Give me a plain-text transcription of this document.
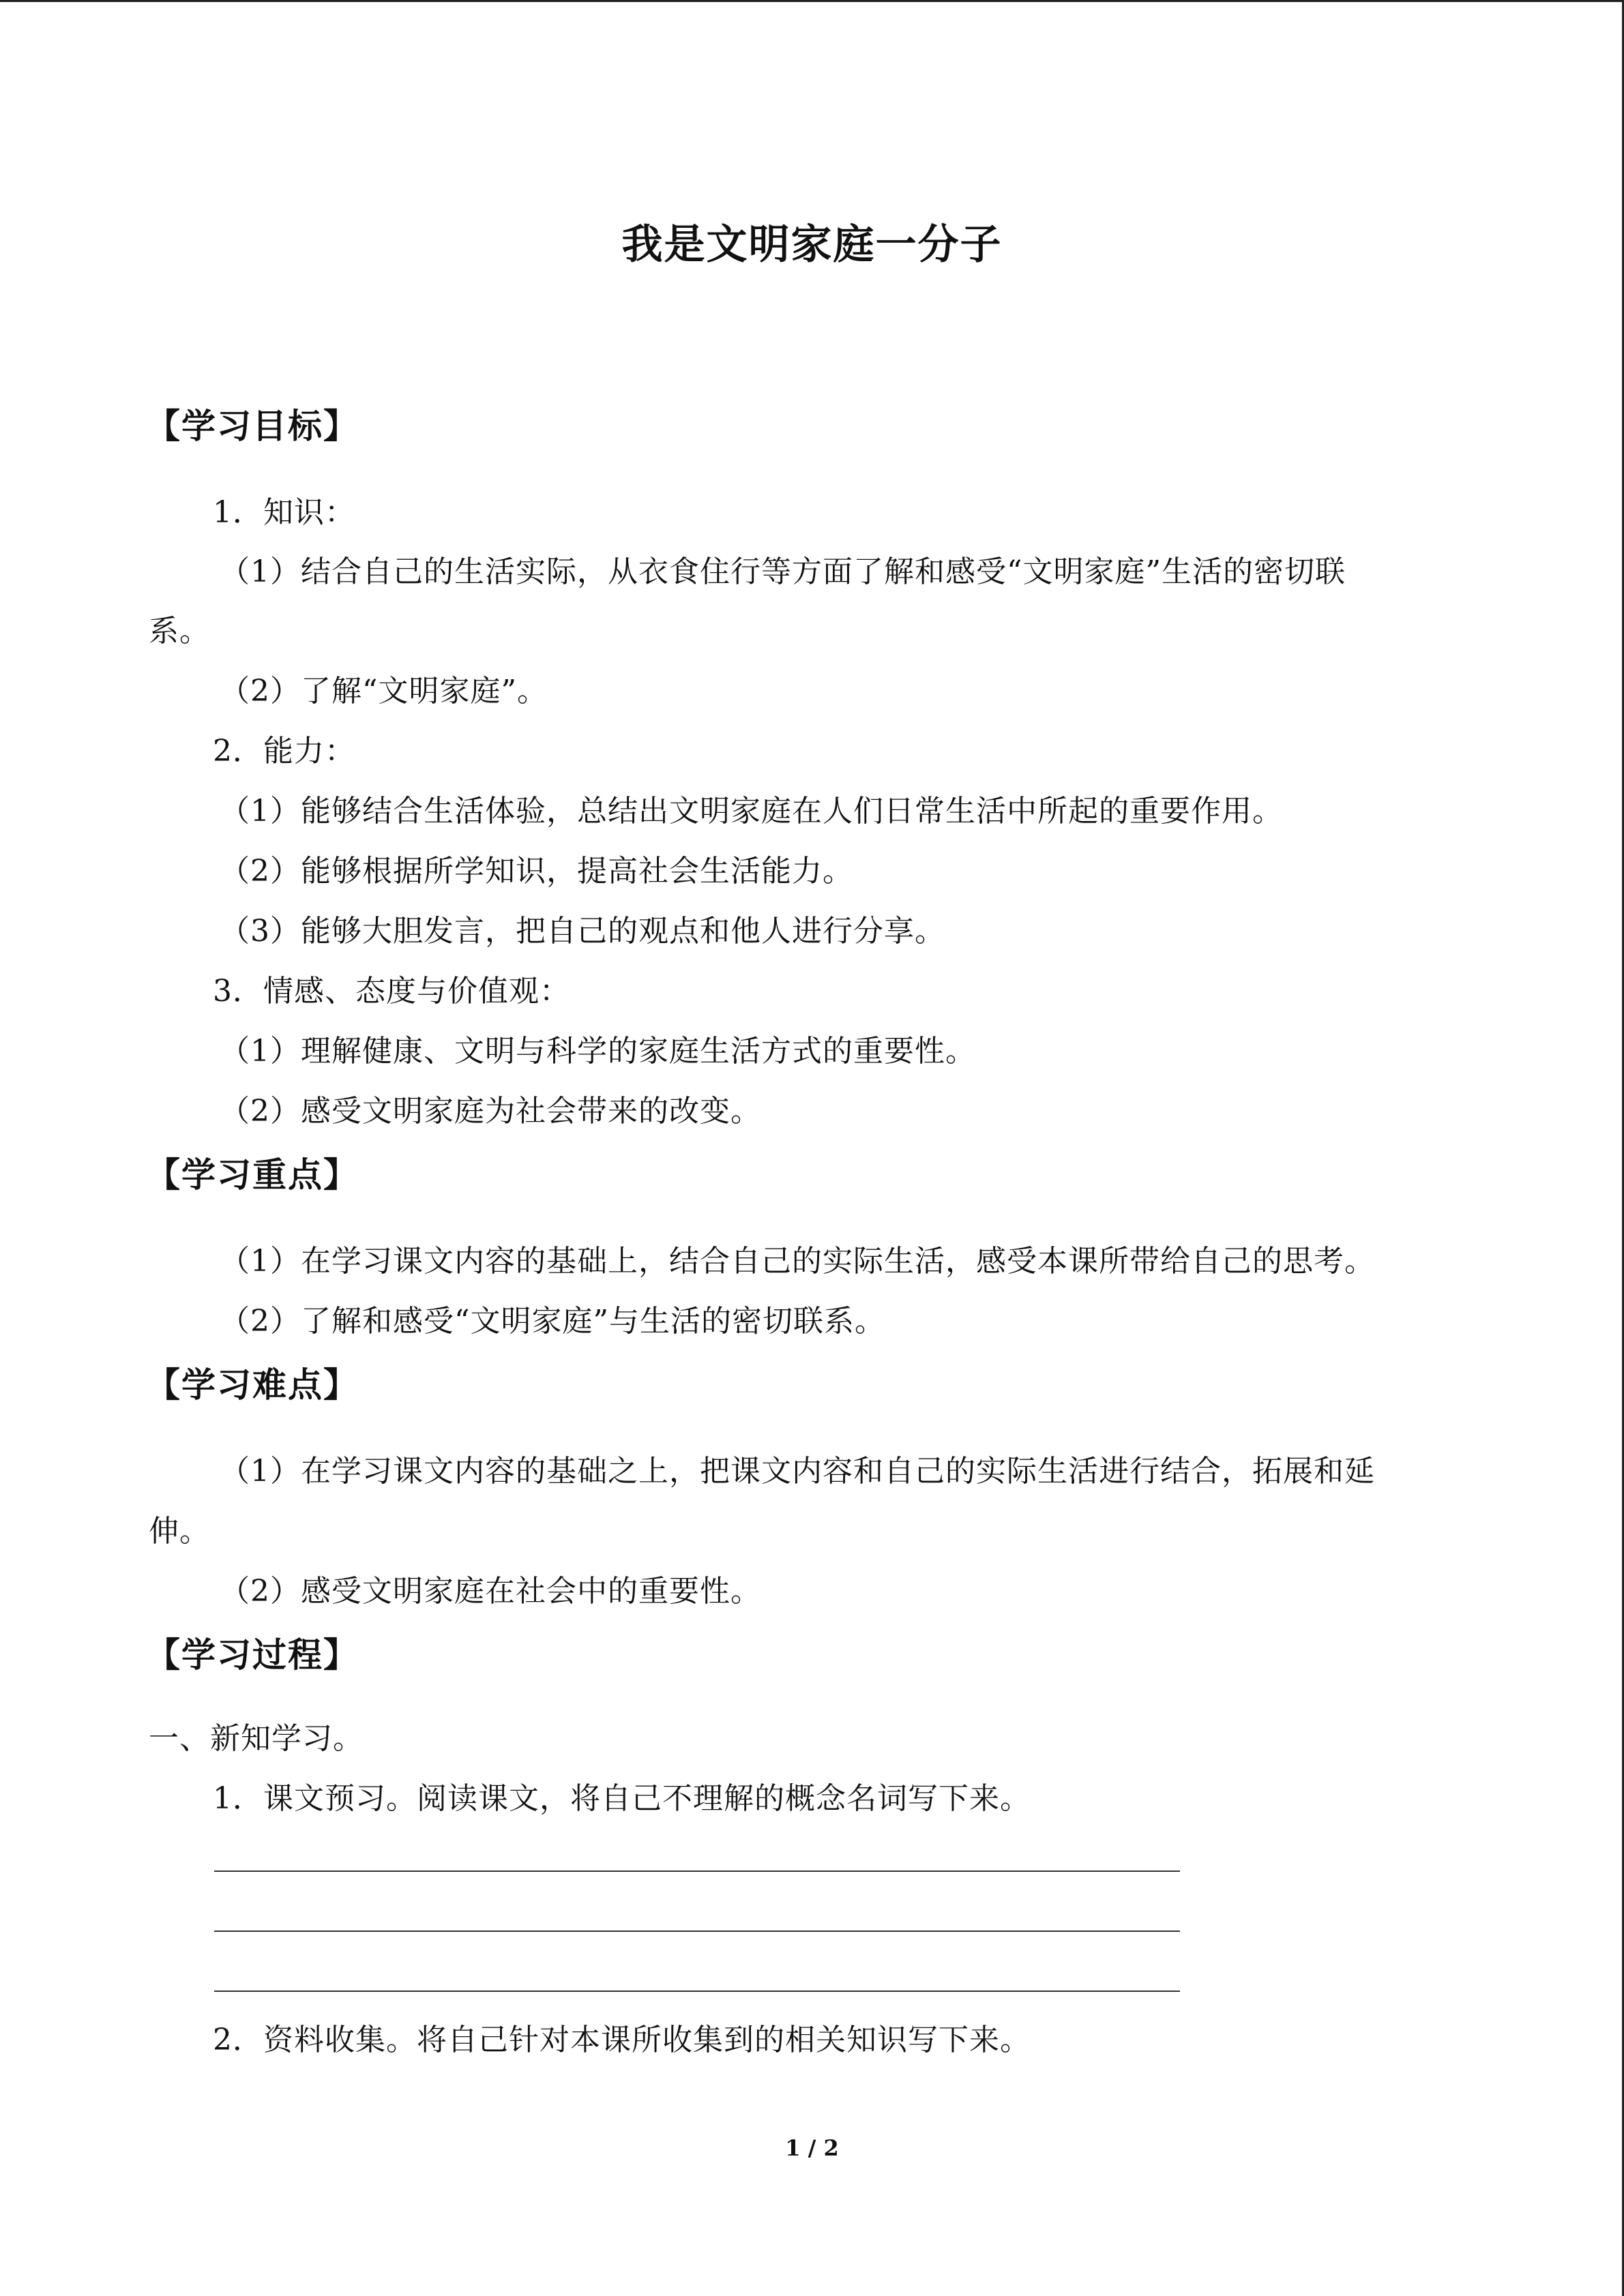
我是文明家庭一分子
【学习目标】
1．知识：
（1）结合自己的生活实际，从衣食住行等方面了解和感受“文明家庭”生活的密切联
系。
（2）了解“文明家庭”。
2．能力：
（1）能够结合生活体验，总结出文明家庭在人们日常生活中所起的重要作用。
（2）能够根据所学知识，提高社会生活能力。
（3）能够大胆发言，把自己的观点和他人进行分享。
3．情感、态度与价值观：
（1）理解健康、文明与科学的家庭生活方式的重要性。
（2）感受文明家庭为社会带来的改变。
【学习重点】
（1）在学习课文内容的基础上，结合自己的实际生活，感受本课所带给自己的思考。
（2）了解和感受“文明家庭”与生活的密切联系。
【学习难点】
（1）在学习课文内容的基础之上，把课文内容和自己的实际生活进行结合，拓展和延
伸。
（2）感受文明家庭在社会中的重要性。
【学习过程】
一、新知学习。
1．课文预习。阅读课文，将自己不理解的概念名词写下来。
2．资料收集。将自己针对本课所收集到的相关知识写下来。
1 / 2
